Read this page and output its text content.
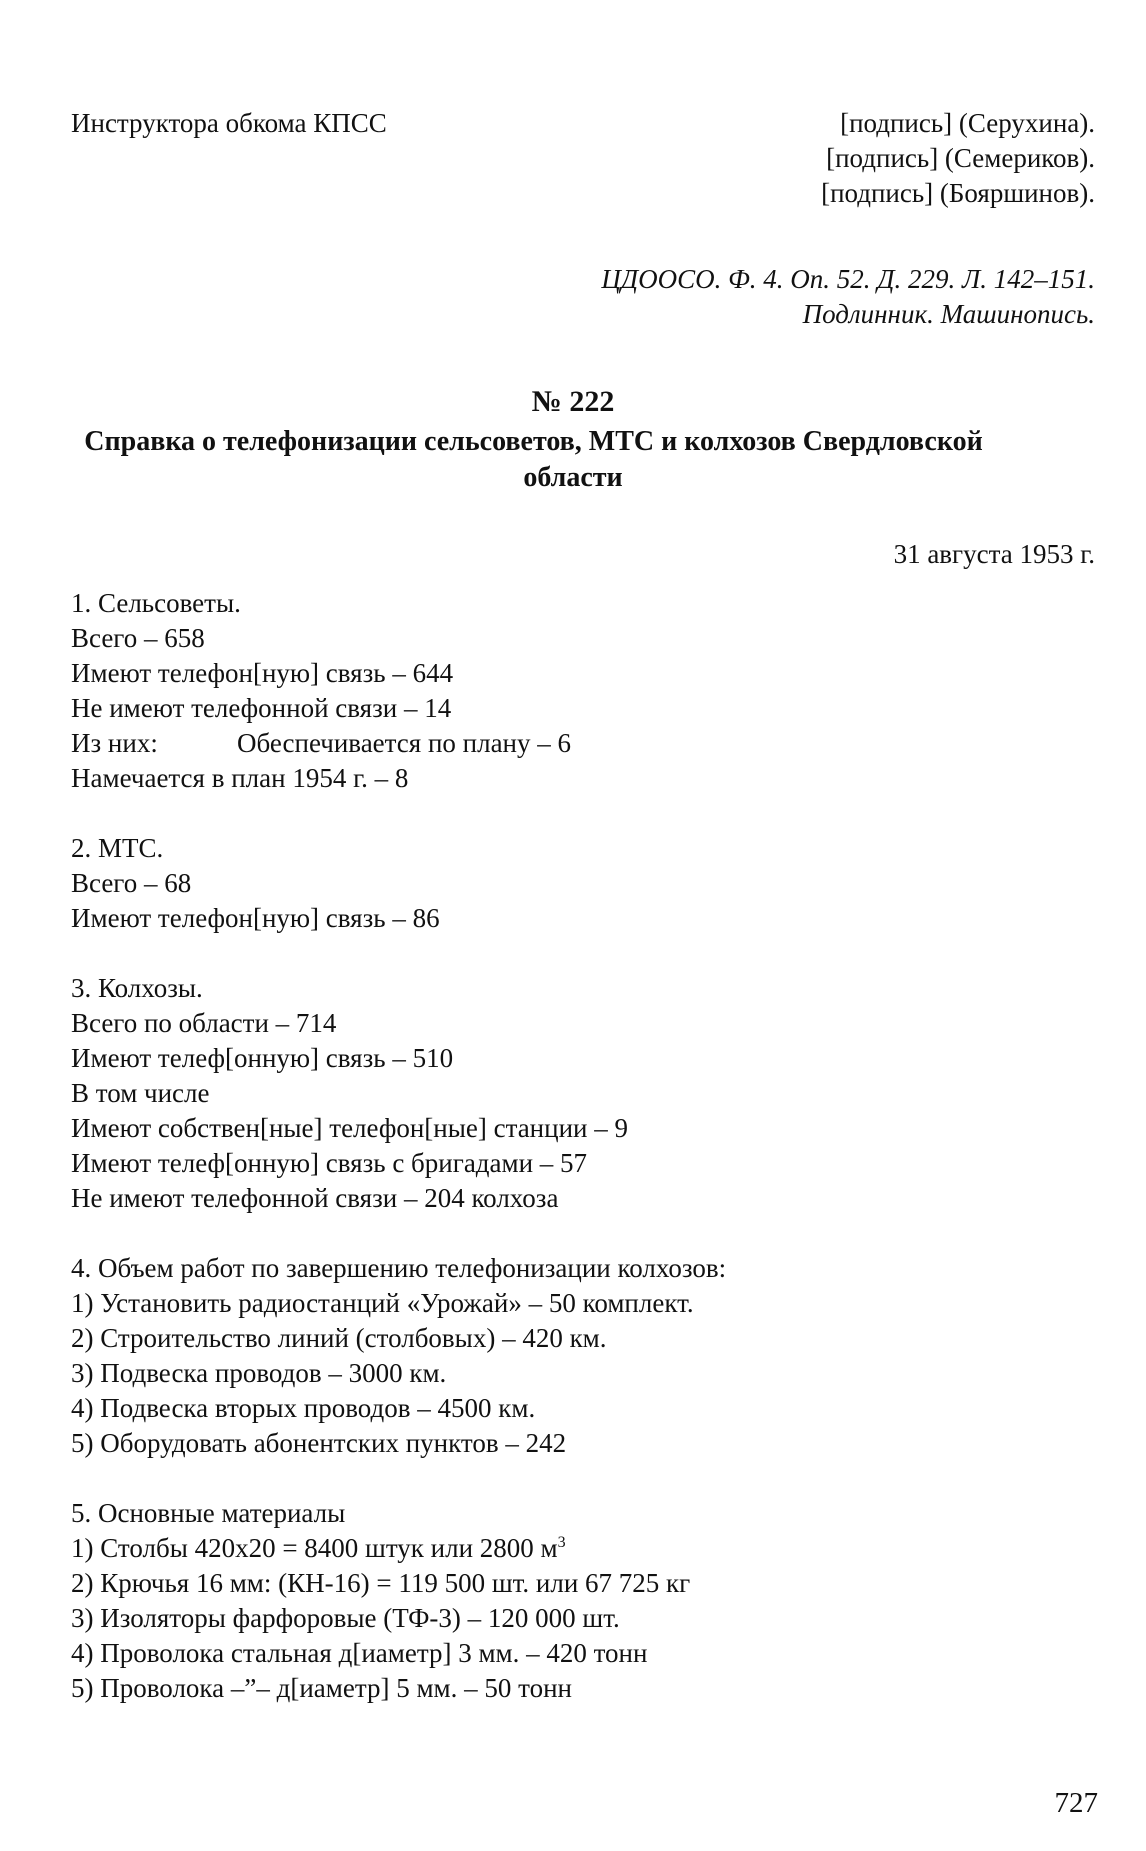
Инструктора обкома КПСС	[подпись] (Серухина).
[подпись] (Семериков).
[подпись] (Бояршинов).
ЦДООСО. Ф. 4. Оп. 52. Д. 229. Л. 142–151.
Подлинник. Машинопись.
№ 222
Справка о телефонизации сельсоветов, МТС и колхозов Свердловской
области
31 августа 1953 г.
1. Сельсоветы.
Всего – 658
Имеют телефон[ную] связь – 644
Не имеют телефонной связи – 14
Из них:	Обеспечивается по плану – 6
Намечается в план 1954 г. – 8
2. МТС.
Всего – 68
Имеют телефон[ную] связь – 86
3. Колхозы.
Всего по области – 714
Имеют телеф[онную] связь – 510
В том числе
Имеют собствен[ные] телефон[ные] станции – 9
Имеют телеф[онную] связь с бригадами – 57
Не имеют телефонной связи – 204 колхоза
4. Объем работ по завершению телефонизации колхозов:
1) Установить радиостанций «Урожай» – 50 комплект.
2) Строительство линий (столбовых) – 420 км.
3) Подвеска проводов – 3000 км.
4) Подвеска вторых проводов – 4500 км.
5) Оборудовать абонентских пунктов – 242
5. Основные материалы
1) Столбы 420х20 = 8400 штук или 2800 $м^3$
2) Крючья 16 мм: (КН-16) = 119 500 шт. или 67 725 кг
3) Изоляторы фарфоровые (ТФ-3) – 120 000 шт.
4) Проволока стальная д[иаметр] 3 мм. – 420 тонн
5) Проволока –”– д[иаметр] 5 мм. – 50 тонн
727
